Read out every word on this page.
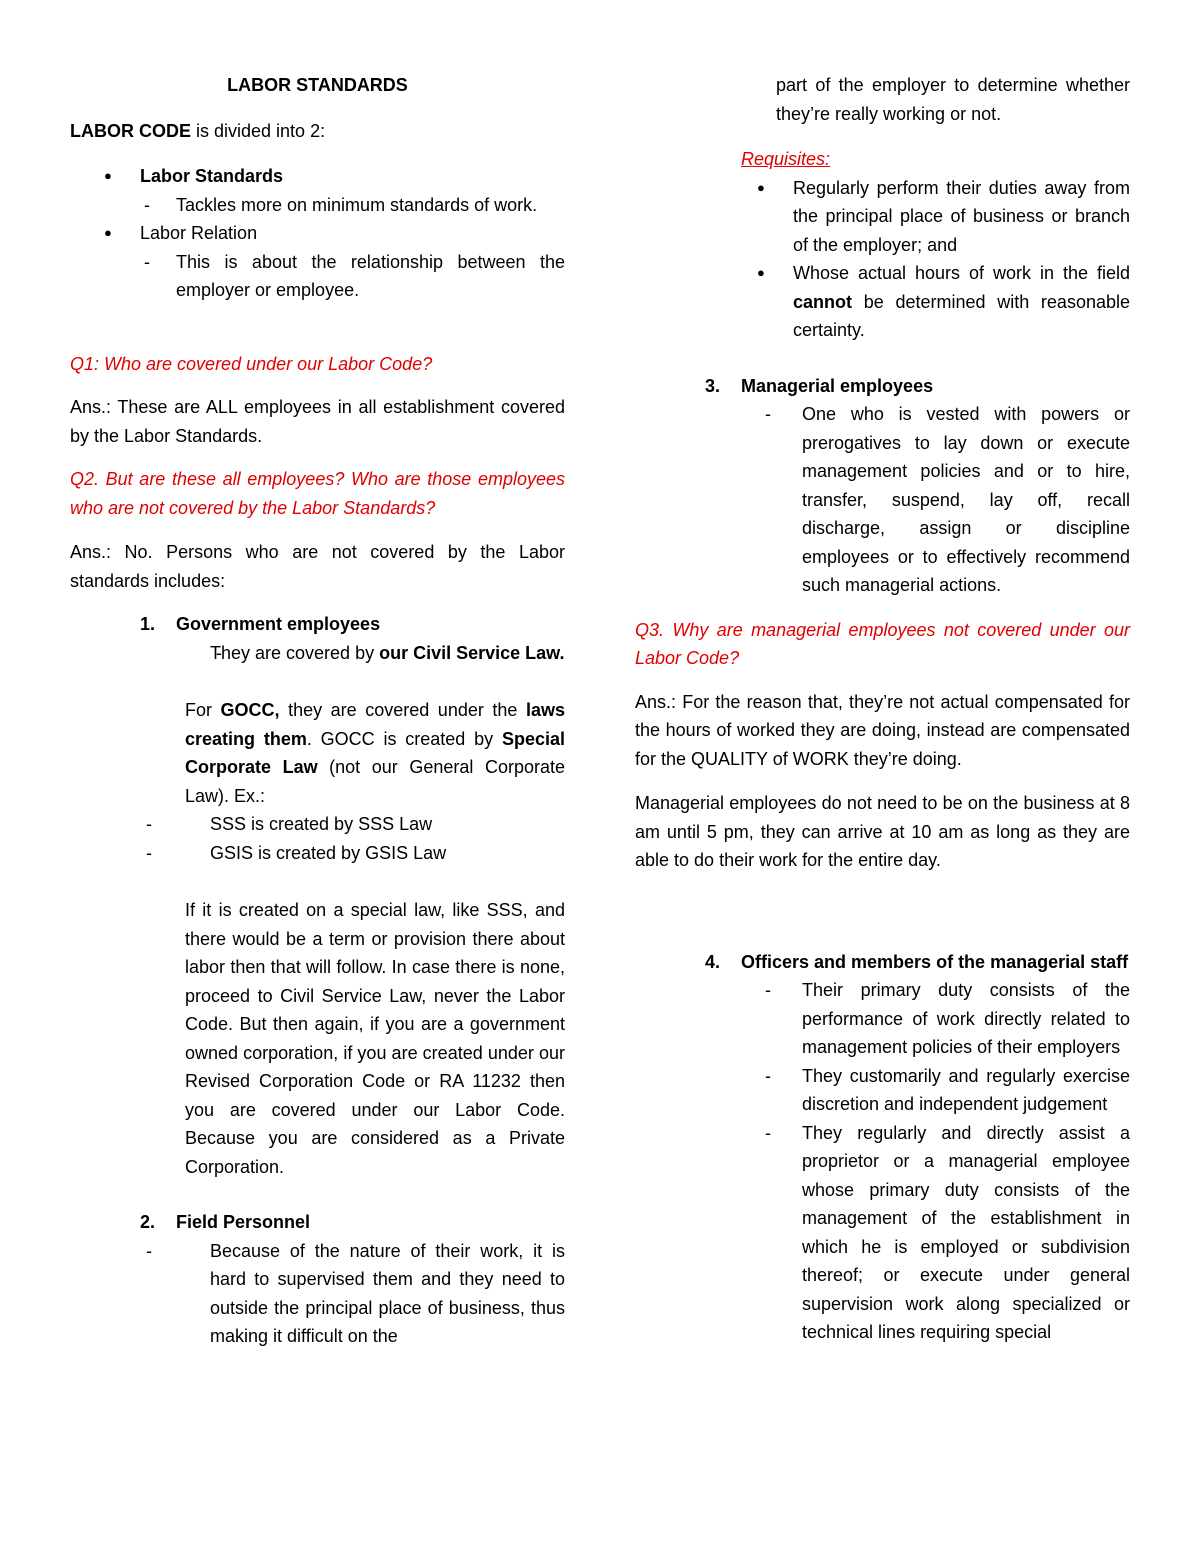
LABOR STANDARDS

LABOR CODE is divided into 2:

● Labor Standards

- Tackles more on minimum standards of work.

● Labor Relation

- This is about the relationship between the employer or employee.

Q1: Who are covered under our Labor Code?

Ans.: These are ALL employees in all establishment covered by the Labor Standards.

Q2. But are these all employees? Who are those employees who are not covered by the Labor Standards?

Ans.: No. Persons who are not covered by the Labor standards includes:

1. Government employees

- They are covered by our Civil Service Law.

For GOCC, they are covered under the laws creating them. GOCC is created by Special Corporate Law (not our General Corporate Law). Ex.:

- SSS is created by SSS Law

- GSIS is created by GSIS Law

If it is created on a special law, like SSS, and there would be a term or provision there about labor then that will follow. In case there is none, proceed to Civil Service Law, never the Labor Code. But then again, if you are a government owned corporation, if you are created under our Revised Corporation Code or RA 11232 then you are covered under our Labor Code. Because you are considered as a Private Corporation.

2. Field Personnel

- Because of the nature of their work, it is hard to supervised them and they need to outside the principal place of business, thus making it difficult on the

part of the employer to determine whether they’re really working or not.

Requisites:

● Regularly perform their duties away from the principal place of business or branch of the employer; and

● Whose actual hours of work in the field cannot be determined with reasonable certainty.

3. Managerial employees

- One who is vested with powers or prerogatives to lay down or execute management policies and or to hire, transfer, suspend, lay off, recall discharge, assign or discipline employees or to effectively recommend such managerial actions.

Q3. Why are managerial employees not covered under our Labor Code?

Ans.: For the reason that, they’re not actual compensated for the hours of worked they are doing, instead are compensated for the QUALITY of WORK they’re doing.

Managerial employees do not need to be on the business at 8 am until 5 pm, they can arrive at 10 am as long as they are able to do their work for the entire day.

4. Officers and members of the managerial staff

- Their primary duty consists of the performance of work directly related to management policies of their employers

- They customarily and regularly exercise discretion and independent judgement

- They regularly and directly assist a proprietor or a managerial employee whose primary duty consists of the management of the establishment in which he is employed or subdivision thereof; or execute under general supervision work along specialized or technical lines requiring special
